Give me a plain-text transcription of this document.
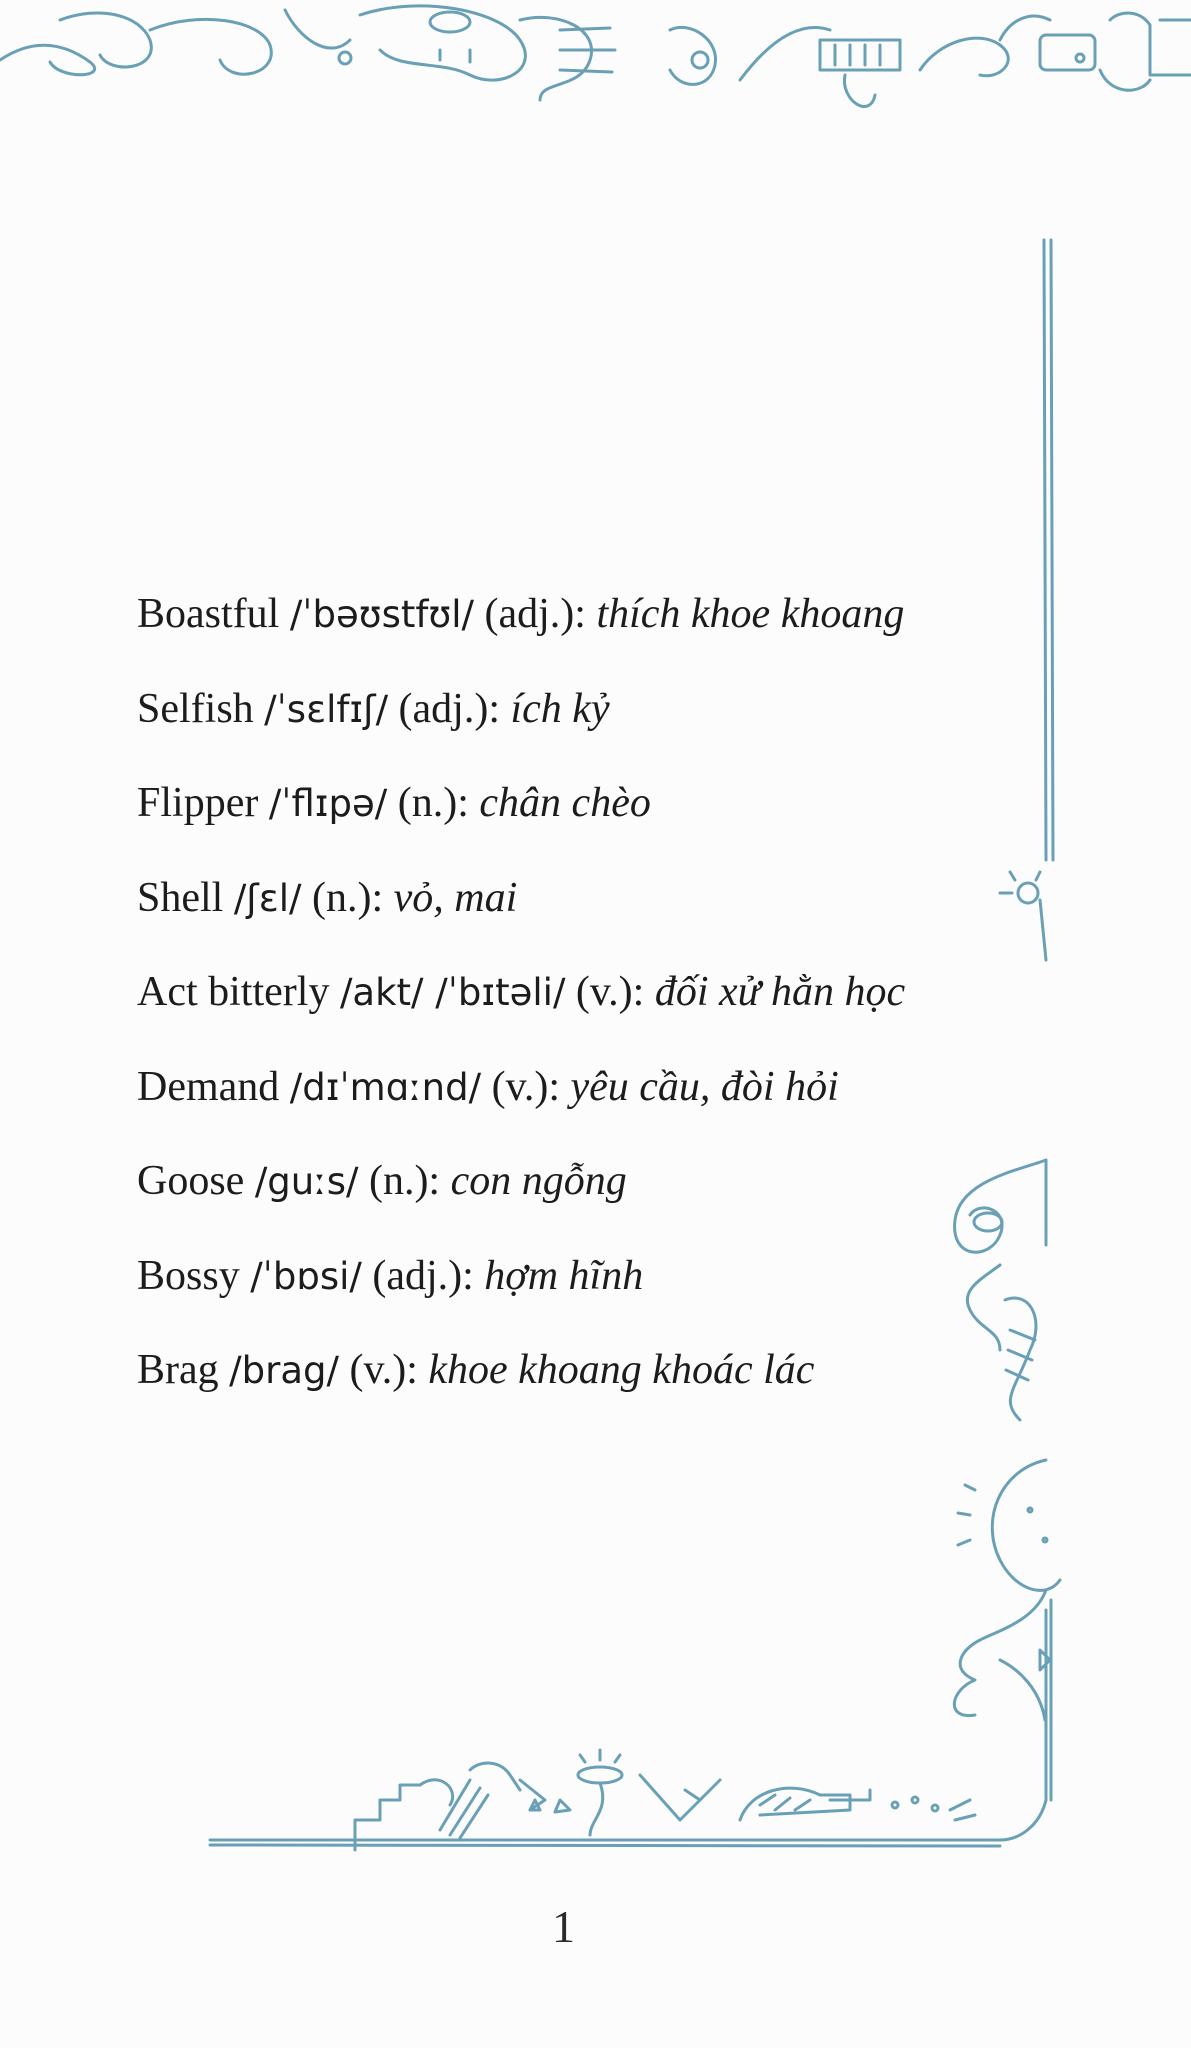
Boastful /ˈbəʊstfʊl/ (adj.): thích khoe khoang
Selfish /ˈsɛlfɪʃ/ (adj.): ích kỷ
Flipper /ˈflɪpə/ (n.): chân chèo
Shell /ʃɛl/ (n.): vỏ, mai
Act bitterly /akt/ /ˈbɪtəli/ (v.): đối xử hằn học
Demand /dɪˈmɑːnd/ (v.): yêu cầu, đòi hỏi
Goose /guːs/ (n.): con ngỗng
Bossy /ˈbɒsi/ (adj.): hợm hĩnh
Brag /brag/ (v.): khoe khoang khoác lác
1
